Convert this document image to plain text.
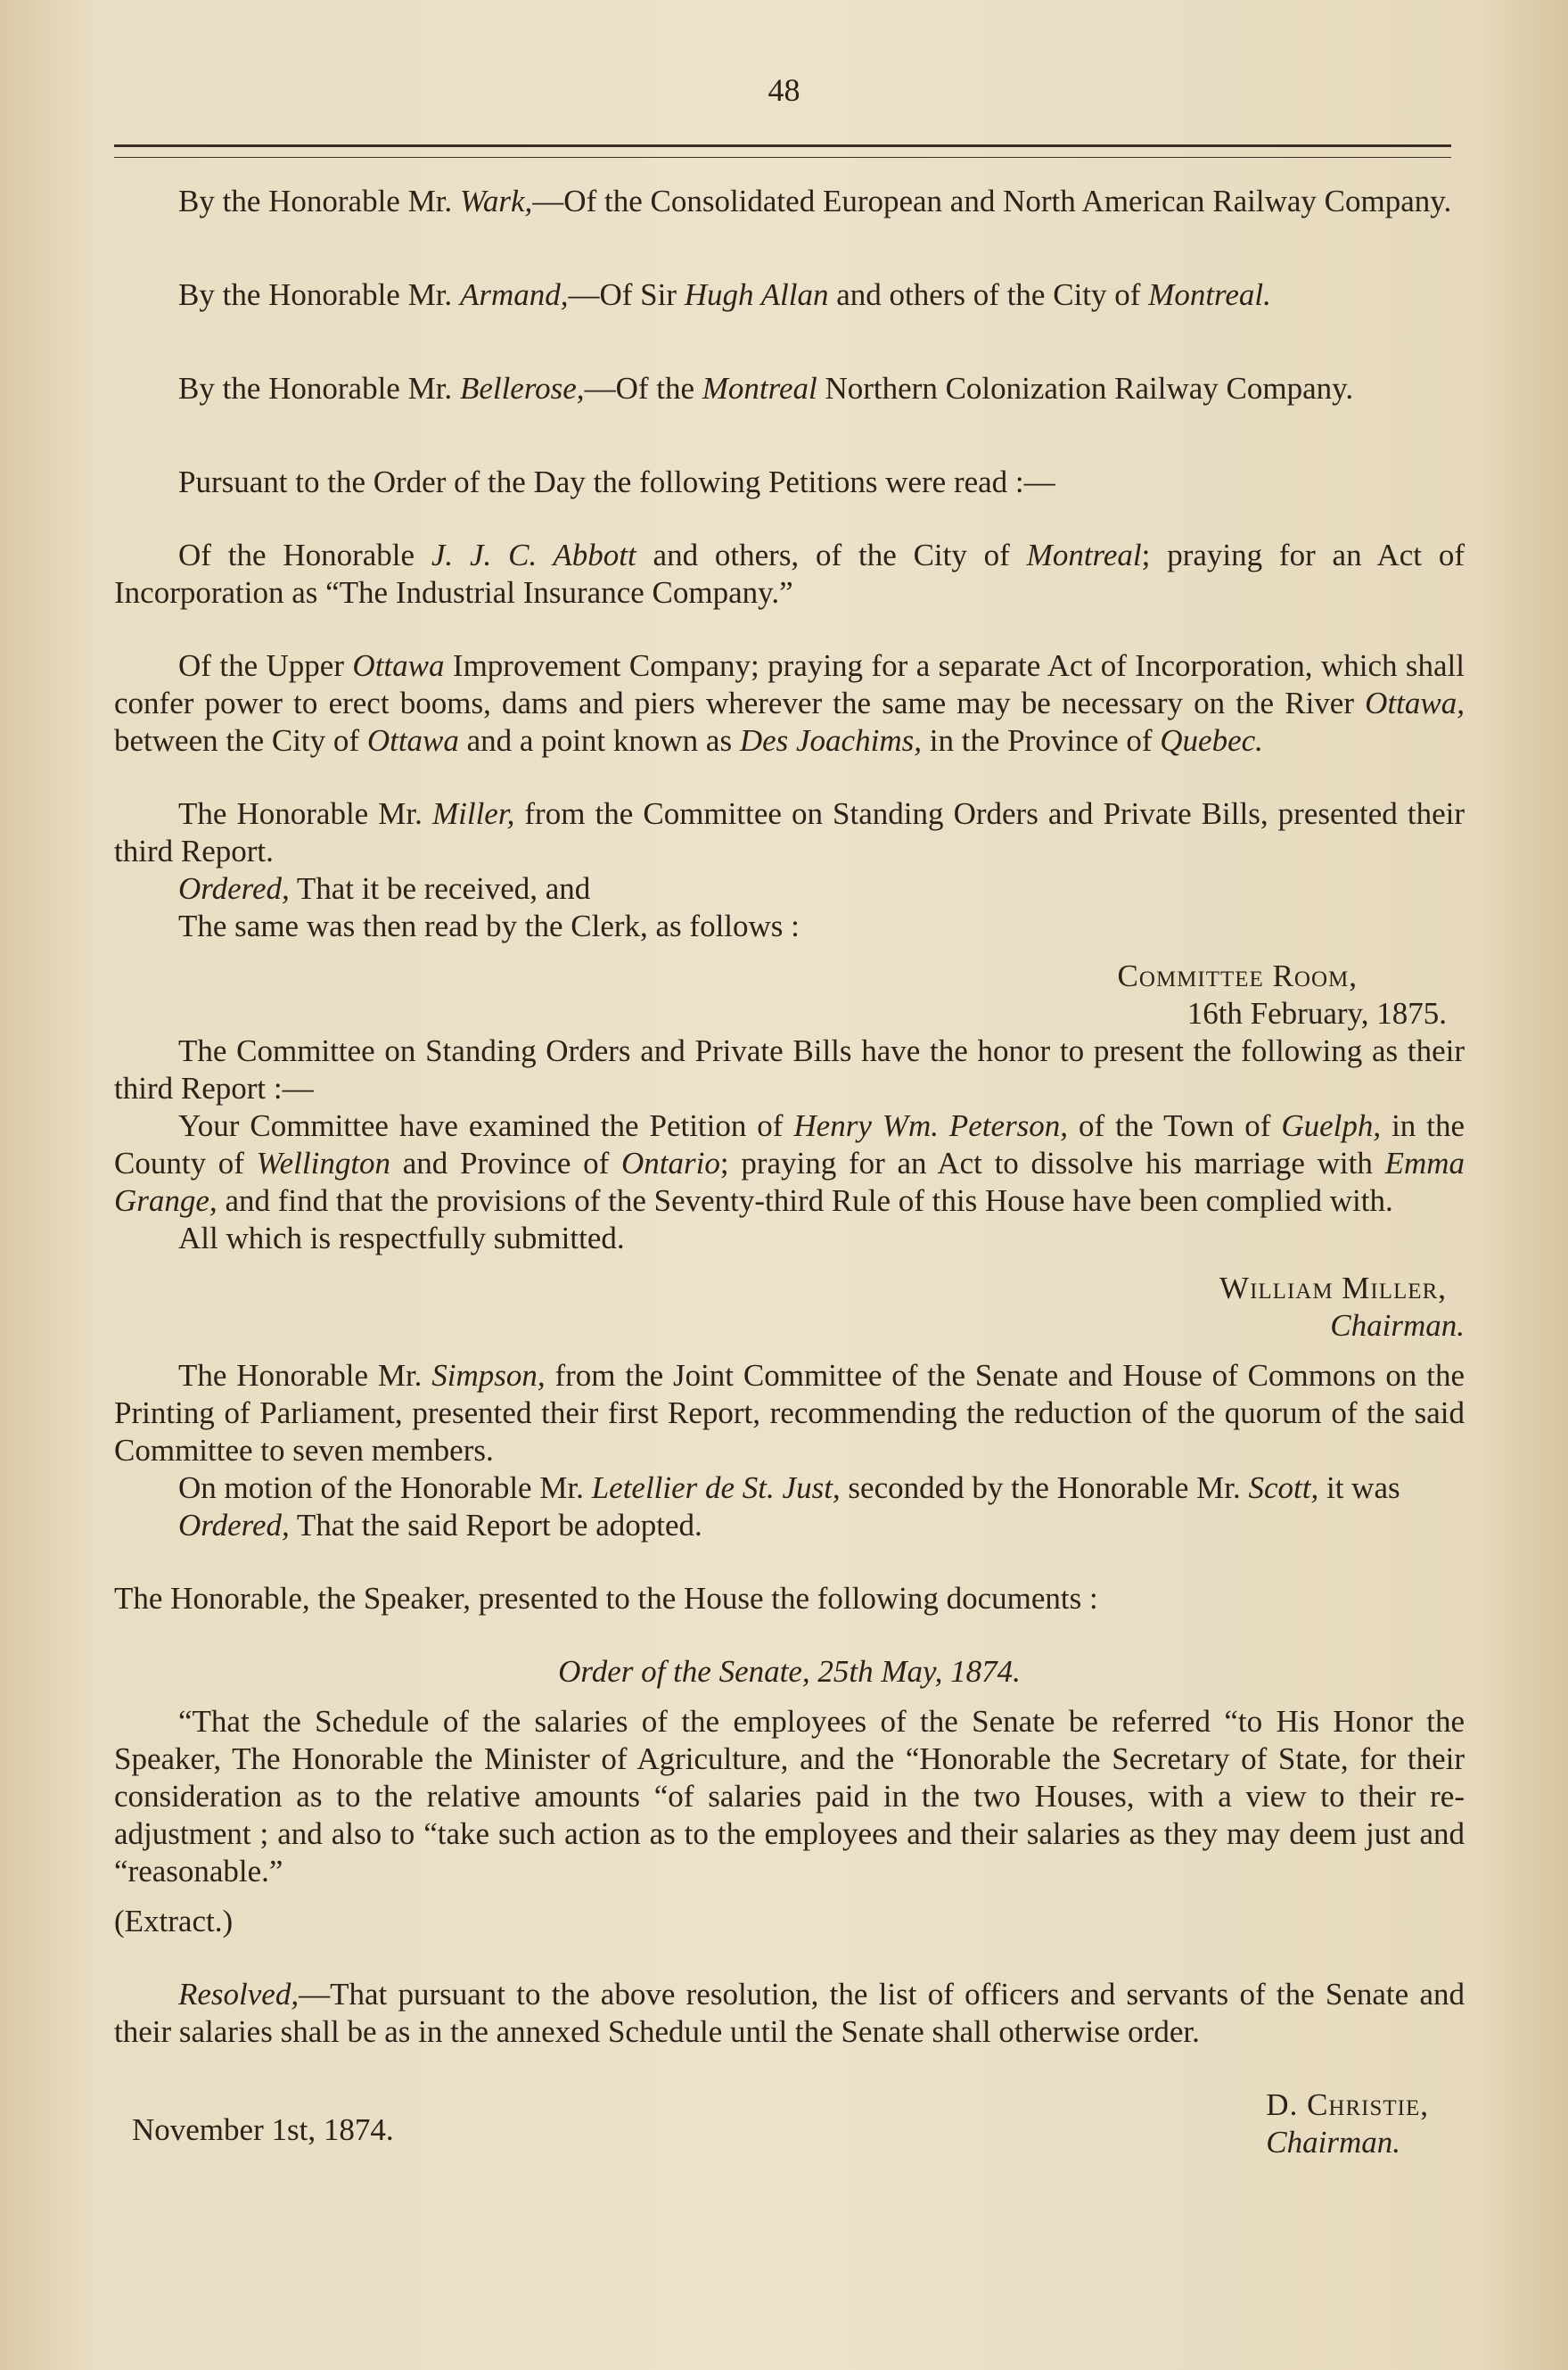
48

By the Honorable Mr. Wark,—Of the Consolidated European and North American Railway Company.

By the Honorable Mr. Armand,—Of Sir Hugh Allan and others of the City of Montreal.

By the Honorable Mr. Bellerose,—Of the Montreal Northern Colonization Railway Company.

Pursuant to the Order of the Day the following Petitions were read :—

Of the Honorable J. J. C. Abbott and others, of the City of Montreal; praying for an Act of Incorporation as “The Industrial Insurance Company.”

Of the Upper Ottawa Improvement Company; praying for a separate Act of Incorporation, which shall confer power to erect booms, dams and piers wherever the same may be necessary on the River Ottawa, between the City of Ottawa and a point known as Des Joachims, in the Province of Quebec.

The Honorable Mr. Miller, from the Committee on Standing Orders and Private Bills, presented their third Report.

Ordered, That it be received, and

The same was then read by the Clerk, as follows :

Committee Room,

16th February, 1875.

The Committee on Standing Orders and Private Bills have the honor to present the following as their third Report :—

Your Committee have examined the Petition of Henry Wm. Peterson, of the Town of Guelph, in the County of Wellington and Province of Ontario; praying for an Act to dissolve his marriage with Emma Grange, and find that the provisions of the Seventy-third Rule of this House have been complied with.

All which is respectfully submitted.

William Miller,

Chairman.

The Honorable Mr. Simpson, from the Joint Committee of the Senate and House of Commons on the Printing of Parliament, presented their first Report, recommending the reduction of the quorum of the said Committee to seven members.

On motion of the Honorable Mr. Letellier de St. Just, seconded by the Honorable Mr. Scott, it was

Ordered, That the said Report be adopted.

The Honorable, the Speaker, presented to the House the following documents :

Order of the Senate, 25th May, 1874.

“That the Schedule of the salaries of the employees of the Senate be referred “to His Honor the Speaker, The Honorable the Minister of Agriculture, and the “Honorable the Secretary of State, for their consideration as to the relative amounts “of salaries paid in the two Houses, with a view to their re-adjustment ; and also to “take such action as to the employees and their salaries as they may deem just and “reasonable.”

(Extract.)

Resolved,—That pursuant to the above resolution, the list of officers and servants of the Senate and their salaries shall be as in the annexed Schedule until the Senate shall otherwise order.

November 1st, 1874.

D. Christie,

Chairman.
